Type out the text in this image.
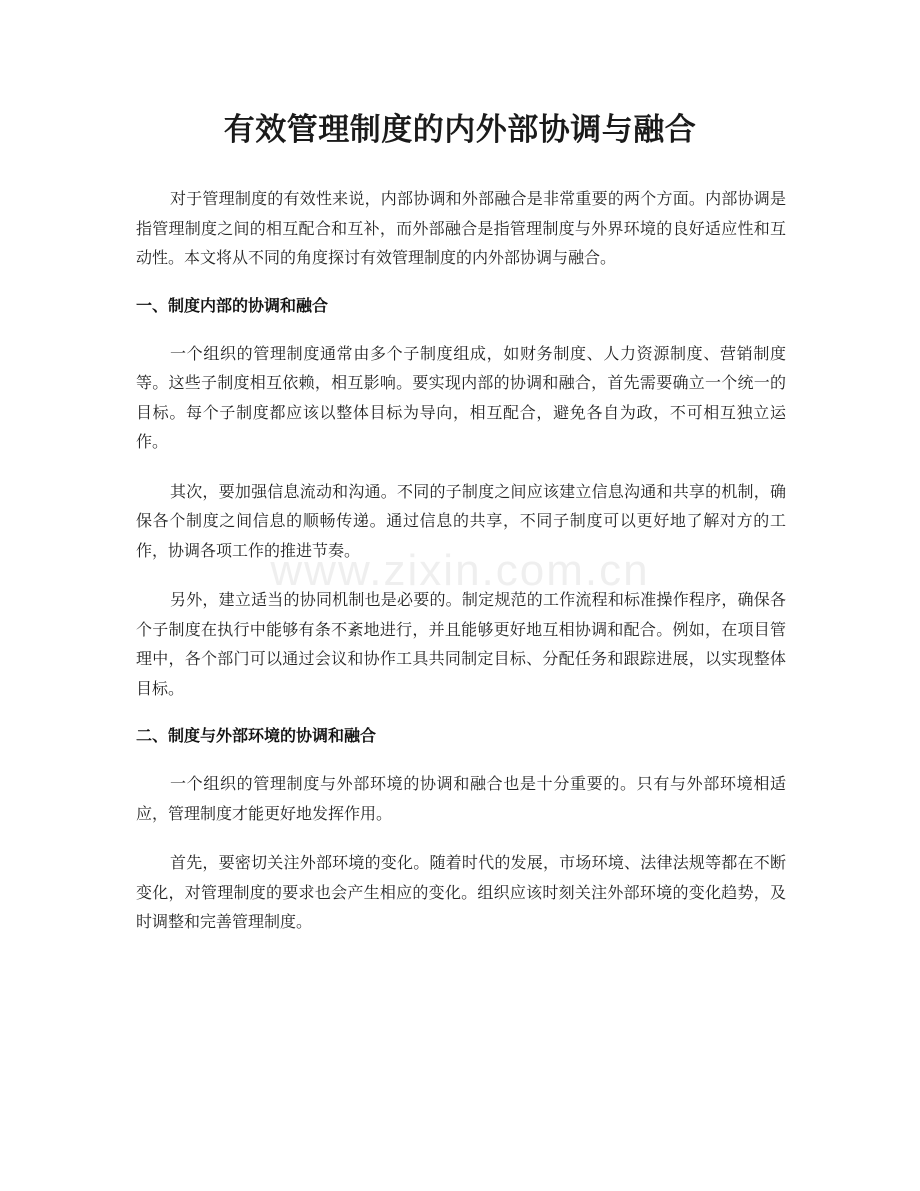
有效管理制度的内外部协调与融合
www.zixin.com.cn

对于管理制度的有效性来说，内部协调和外部融合是非常重要的两个方面。内部协调是指管理制度之间的相互配合和互补，而外部融合是指管理制度与外界环境的良好适应性和互动性。本文将从不同的角度探讨有效管理制度的内外部协调与融合。

一、制度内部的协调和融合

一个组织的管理制度通常由多个子制度组成，如财务制度、人力资源制度、营销制度等。这些子制度相互依赖，相互影响。要实现内部的协调和融合，首先需要确立一个统一的目标。每个子制度都应该以整体目标为导向，相互配合，避免各自为政，不可相互独立运作。

其次，要加强信息流动和沟通。不同的子制度之间应该建立信息沟通和共享的机制，确保各个制度之间信息的顺畅传递。通过信息的共享，不同子制度可以更好地了解对方的工作，协调各项工作的推进节奏。

另外，建立适当的协同机制也是必要的。制定规范的工作流程和标准操作程序，确保各个子制度在执行中能够有条不紊地进行，并且能够更好地互相协调和配合。例如，在项目管理中，各个部门可以通过会议和协作工具共同制定目标、分配任务和跟踪进展，以实现整体目标。

二、制度与外部环境的协调和融合

一个组织的管理制度与外部环境的协调和融合也是十分重要的。只有与外部环境相适应，管理制度才能更好地发挥作用。

首先，要密切关注外部环境的变化。随着时代的发展，市场环境、法律法规等都在不断变化，对管理制度的要求也会产生相应的变化。组织应该时刻关注外部环境的变化趋势，及时调整和完善管理制度。
